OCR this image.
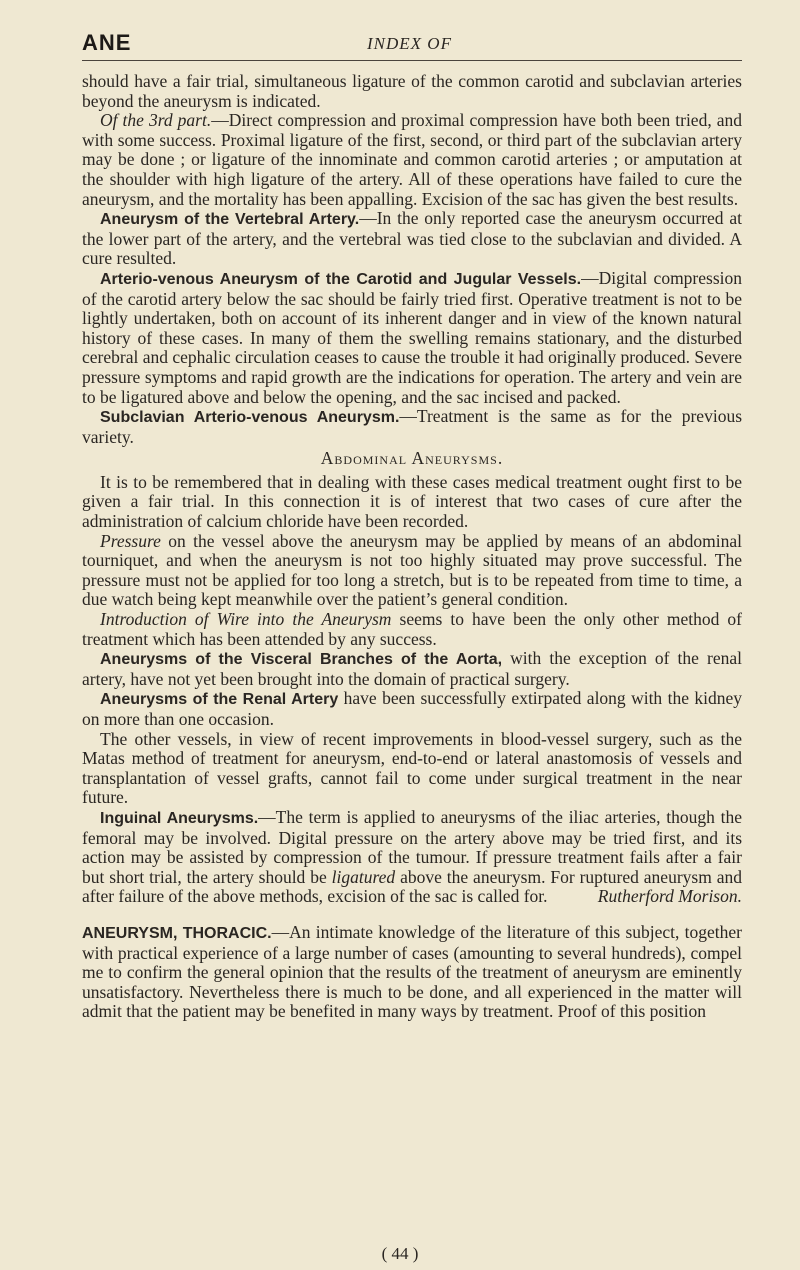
ANE	INDEX OF

should have a fair trial, simultaneous ligature of the common carotid and subclavian arteries beyond the aneurysm is indicated.

Of the 3rd part.—Direct compression and proximal compression have both been tried, and with some success. Proximal ligature of the first, second, or third part of the subclavian artery may be done ; or ligature of the innominate and common carotid arteries ; or amputation at the shoulder with high ligature of the artery. All of these operations have failed to cure the aneurysm, and the mortality has been appalling. Excision of the sac has given the best results.

Aneurysm of the Vertebral Artery.—In the only reported case the aneurysm occurred at the lower part of the artery, and the vertebral was tied close to the subclavian and divided. A cure resulted.

Arterio-venous Aneurysm of the Carotid and Jugular Vessels.—Digital compression of the carotid artery below the sac should be fairly tried first. Operative treatment is not to be lightly undertaken, both on account of its inherent danger and in view of the known natural history of these cases. In many of them the swelling remains stationary, and the disturbed cerebral and cephalic circulation ceases to cause the trouble it had originally produced. Severe pressure symptoms and rapid growth are the indications for operation. The artery and vein are to be ligatured above and below the opening, and the sac incised and packed.

Subclavian Arterio-venous Aneurysm.—Treatment is the same as for the previous variety.

Abdominal Aneurysms.

It is to be remembered that in dealing with these cases medical treatment ought first to be given a fair trial. In this connection it is of interest that two cases of cure after the administration of calcium chloride have been recorded.

Pressure on the vessel above the aneurysm may be applied by means of an abdominal tourniquet, and when the aneurysm is not too highly situated may prove successful. The pressure must not be applied for too long a stretch, but is to be repeated from time to time, a due watch being kept meanwhile over the patient’s general condition.

Introduction of Wire into the Aneurysm seems to have been the only other method of treatment which has been attended by any success.

Aneurysms of the Visceral Branches of the Aorta, with the exception of the renal artery, have not yet been brought into the domain of practical surgery.

Aneurysms of the Renal Artery have been successfully extirpated along with the kidney on more than one occasion.

The other vessels, in view of recent improvements in blood-vessel surgery, such as the Matas method of treatment for aneurysm, end-to-end or lateral anastomosis of vessels and transplantation of vessel grafts, cannot fail to come under surgical treatment in the near future.

Inguinal Aneurysms.—The term is applied to aneurysms of the iliac arteries, though the femoral may be involved. Digital pressure on the artery above may be tried first, and its action may be assisted by compression of the tumour. If pressure treatment fails after a fair but short trial, the artery should be ligatured above the aneurysm. For ruptured aneurysm and after failure of the above methods, excision of the sac is called for.	Rutherford Morison.

ANEURYSM, THORACIC.—An intimate knowledge of the literature of this subject, together with practical experience of a large number of cases (amounting to several hundreds), compel me to confirm the general opinion that the results of the treatment of aneurysm are eminently unsatisfactory. Nevertheless there is much to be done, and all experienced in the matter will admit that the patient may be benefited in many ways by treatment. Proof of this position

( 44 )
